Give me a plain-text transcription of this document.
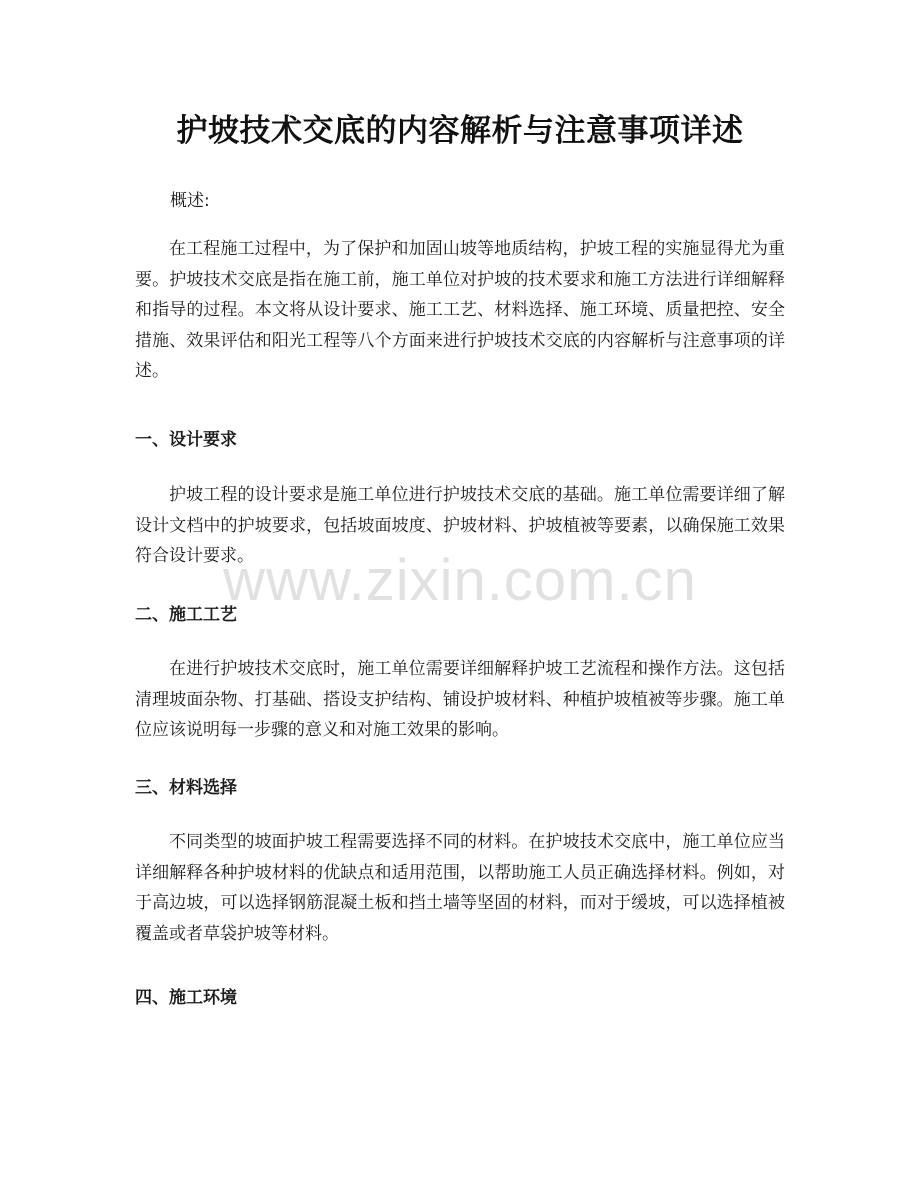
护坡技术交底的内容解析与注意事项详述
概述:

在工程施工过程中，为了保护和加固山坡等地质结构，护坡工程的实施显得尤为重要。护坡技术交底是指在施工前，施工单位对护坡的技术要求和施工方法进行详细解释和指导的过程。本文将从设计要求、施工工艺、材料选择、施工环境、质量把控、安全措施、效果评估和阳光工程等八个方面来进行护坡技术交底的内容解析与注意事项的详述。

一、设计要求

护坡工程的设计要求是施工单位进行护坡技术交底的基础。施工单位需要详细了解设计文档中的护坡要求，包括坡面坡度、护坡材料、护坡植被等要素，以确保施工效果符合设计要求。

二、施工工艺

在进行护坡技术交底时，施工单位需要详细解释护坡工艺流程和操作方法。这包括清理坡面杂物、打基础、搭设支护结构、铺设护坡材料、种植护坡植被等步骤。施工单位应该说明每一步骤的意义和对施工效果的影响。

三、材料选择

不同类型的坡面护坡工程需要选择不同的材料。在护坡技术交底中，施工单位应当详细解释各种护坡材料的优缺点和适用范围，以帮助施工人员正确选择材料。例如，对于高边坡，可以选择钢筋混凝土板和挡土墙等坚固的材料，而对于缓坡，可以选择植被覆盖或者草袋护坡等材料。

四、施工环境
www.zixin.com.cn
